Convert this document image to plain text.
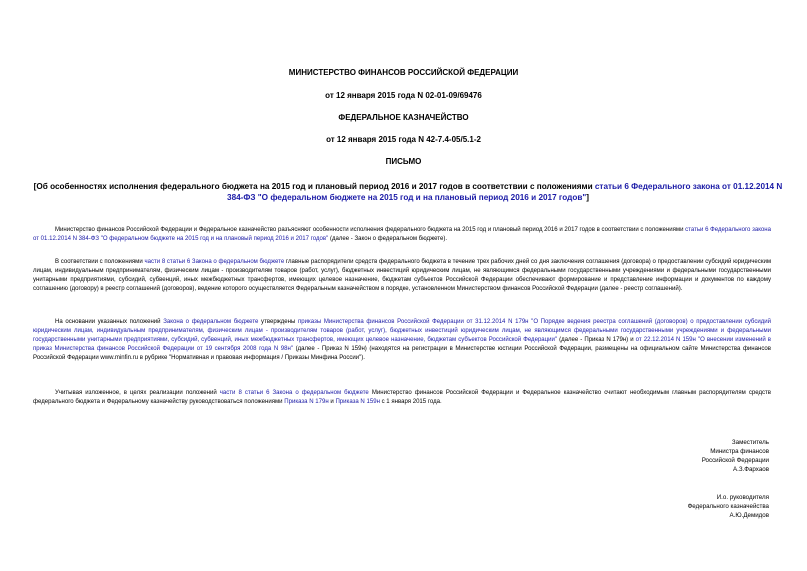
МИНИСТЕРСТВО ФИНАНСОВ РОССИЙСКОЙ ФЕДЕРАЦИИ
от 12 января 2015 года N 02-01-09/69476
ФЕДЕРАЛЬНОЕ КАЗНАЧЕЙСТВО
от 12 января 2015 года N 42-7.4-05/5.1-2
ПИСЬМО
[Об особенностях исполнения федерального бюджета на 2015 год и плановый период 2016 и 2017 годов в соответствии с положениями статьи 6 Федерального закона от 01.12.2014 N 384-ФЗ "О федеральном бюджете на 2015 год и на плановый период 2016 и 2017 годов"]
Министерство финансов Российской Федерации и Федеральное казначейство разъясняют особенности исполнения федерального бюджета на 2015 год и плановый период 2016 и 2017 годов в соответствии с положениями статьи 6 Федерального закона от 01.12.2014 N 384-ФЗ "О федеральном бюджете на 2015 год и на плановый период 2016 и 2017 годов" (далее - Закон о федеральном бюджете).
В соответствии с положениями части 8 статьи 6 Закона о федеральном бюджете главные распорядители средств федерального бюджета в течение трех рабочих дней со дня заключения соглашения (договора) о предоставлении субсидий юридическим лицам, индивидуальным предпринимателям, физическим лицам - производителям товаров (работ, услуг), бюджетных инвестиций юридическим лицам, не являющимся федеральными государственными учреждениями и федеральными государственными унитарными предприятиями, субсидий, субвенций, иных межбюджетных трансфертов, имеющих целевое назначение, бюджетам субъектов Российской Федерации обеспечивают формирование и представление информации и документов по каждому соглашению (договору) в реестр соглашений (договоров), ведение которого осуществляется Федеральным казначейством в порядке, установленном Министерством финансов Российской Федерации (далее - реестр соглашений).
На основании указанных положений Закона о федеральном бюджете утверждены приказы Министерства финансов Российской Федерации от 31.12.2014 N 179н "О Порядке ведения реестра соглашений (договоров) о предоставлении субсидий юридическим лицам, индивидуальным предпринимателям, физическим лицам - производителям товаров (работ, услуг), бюджетных инвестиций юридическим лицам, не являющимся федеральными государственными учреждениями и федеральными государственными унитарными предприятиями, субсидий, субвенций, иных межбюджетных трансфертов, имеющих целевое назначение, бюджетам субъектов Российской Федерации" (далее - Приказ N 179н) и от 22.12.2014 N 159н "О внесении изменений в приказ Министерства финансов Российской Федерации от 19 сентября 2008 года N 98н" (далее - Приказ N 159н) (находятся на регистрации в Министерстве юстиции Российской Федерации, размещены на официальном сайте Министерства финансов Российской Федерации www.minfin.ru в рубрике "Нормативная и правовая информация / Приказы Минфина России").
Учитывая изложенное, в целях реализации положений части 8 статьи 6 Закона о федеральном бюджете Министерство финансов Российской Федерации и Федеральное казначейство считают необходимым главным распорядителям средств федерального бюджета и Федеральному казначейству руководствоваться положениями Приказа N 179н и Приказа N 159н с 1 января 2015 года.
Заместитель
Министра финансов
Российской Федерации
А.З.Фархаов
И.о. руководителя
Федерального казначейства
А.Ю.Демидов
